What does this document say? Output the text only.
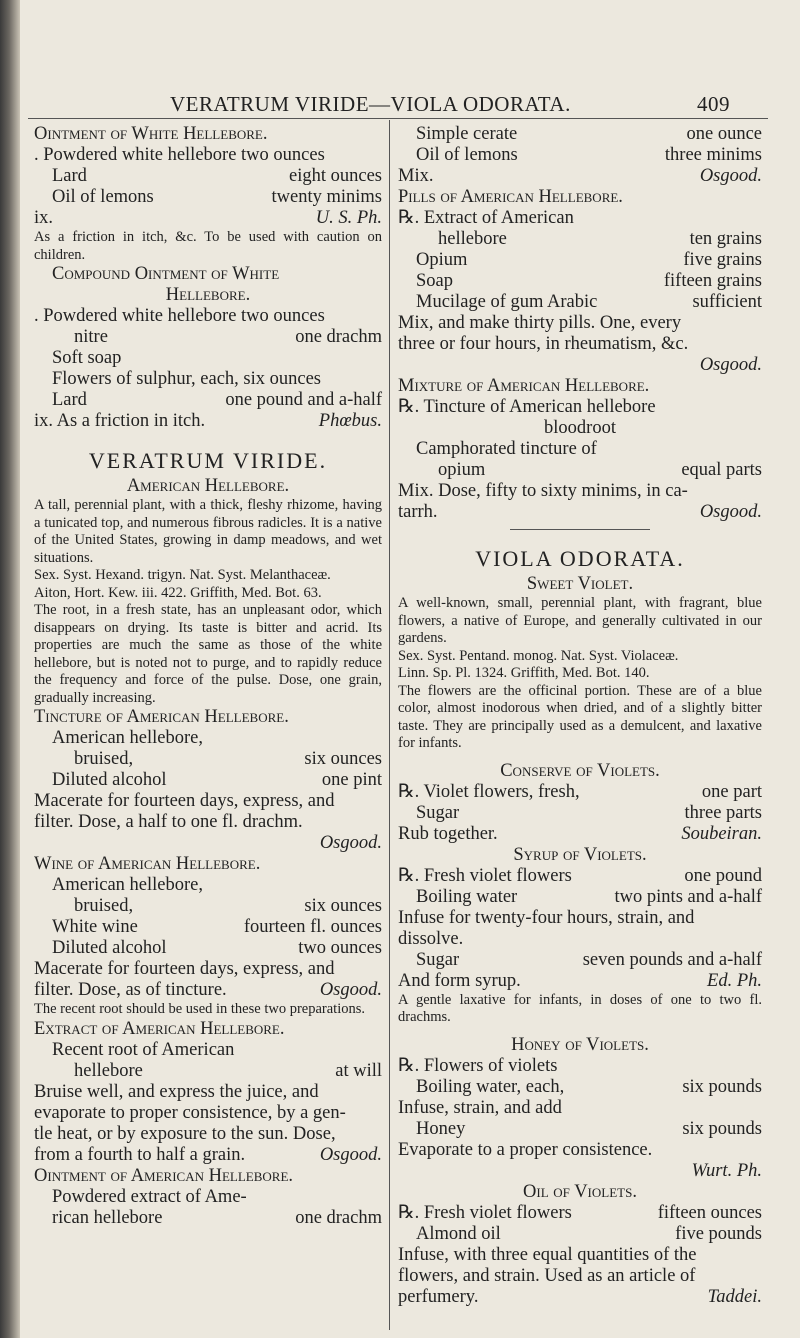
VERATRUM VIRIDE—VIOLA ODORATA.	409
Ointment of White Hellebore.
. Powdered white hellebore two ounces
Lard	eight ounces
Oil of lemons	twenty minims
ix.	U. S. Ph.
As a friction in itch, &c. To be used with caution on children.
Compound Ointment of White
Hellebore.
. Powdered white hellebore two ounces
nitre	one drachm
Soft soap
Flowers of sulphur, each, six ounces
Lard	one pound and a-half
ix. As a friction in itch.	Phœbus.
VERATRUM VIRIDE.
American Hellebore.
A tall, perennial plant, with a thick, fleshy rhizome, having a tunicated top, and numerous fibrous radicles. It is a native of the United States, growing in damp meadows, and wet situations.
Sex. Syst. Hexand. trigyn. Nat. Syst. Melanthaceæ.
Aiton, Hort. Kew. iii. 422. Griffith, Med. Bot. 63.
The root, in a fresh state, has an unpleasant odor, which disappears on drying. Its taste is bitter and acrid. Its properties are much the same as those of the white hellebore, but is noted not to purge, and to rapidly reduce the frequency and force of the pulse. Dose, one grain, gradually increasing.
Tincture of American Hellebore.
American hellebore,
bruised,	six ounces
Diluted alcohol	one pint
Macerate for fourteen days, express, and
filter. Dose, a half to one fl. drachm.
Osgood.
Wine of American Hellebore.
American hellebore,
bruised,	six ounces
White wine	fourteen fl. ounces
Diluted alcohol	two ounces
Macerate for fourteen days, express, and
filter. Dose, as of tincture.	Osgood.
The recent root should be used in these two preparations.
Extract of American Hellebore.
Recent root of American
hellebore	at will
Bruise well, and express the juice, and
evaporate to proper consistence, by a gen-
tle heat, or by exposure to the sun. Dose,
from a fourth to half a grain.	Osgood.
Ointment of American Hellebore.
Powdered extract of Ame-
rican hellebore	one drachm
Simple cerate	one ounce
Oil of lemons	three minims
Mix.	Osgood.
Pills of American Hellebore.
℞. Extract of American
hellebore	ten grains
Opium	five grains
Soap	fifteen grains
Mucilage of gum Arabic	sufficient
Mix, and make thirty pills. One, every
three or four hours, in rheumatism, &c.
Osgood.
Mixture of American Hellebore.
℞. Tincture of American hellebore
bloodroot
Camphorated tincture of
opium	equal parts
Mix. Dose, fifty to sixty minims, in ca-
tarrh.	Osgood.
VIOLA ODORATA.
Sweet Violet.
A well-known, small, perennial plant, with fragrant, blue flowers, a native of Europe, and generally cultivated in our gardens.
Sex. Syst. Pentand. monog. Nat. Syst. Violaceæ.
Linn. Sp. Pl. 1324. Griffith, Med. Bot. 140.
The flowers are the officinal portion. These are of a blue color, almost inodorous when dried, and of a slightly bitter taste. They are principally used as a demulcent, and laxative for infants.
Conserve of Violets.
℞. Violet flowers, fresh,	one part
Sugar	three parts
Rub together.	Soubeiran.
Syrup of Violets.
℞. Fresh violet flowers	one pound
Boiling water	two pints and a-half
Infuse for twenty-four hours, strain, and
dissolve.
Sugar	seven pounds and a-half
And form syrup.	Ed. Ph.
A gentle laxative for infants, in doses of one to two fl. drachms.
Honey of Violets.
℞. Flowers of violets
Boiling water, each,	six pounds
Infuse, strain, and add
Honey	six pounds
Evaporate to a proper consistence.
Wurt. Ph.
Oil of Violets.
℞. Fresh violet flowers	fifteen ounces
Almond oil	five pounds
Infuse, with three equal quantities of the
flowers, and strain. Used as an article of
perfumery.	Taddei.
